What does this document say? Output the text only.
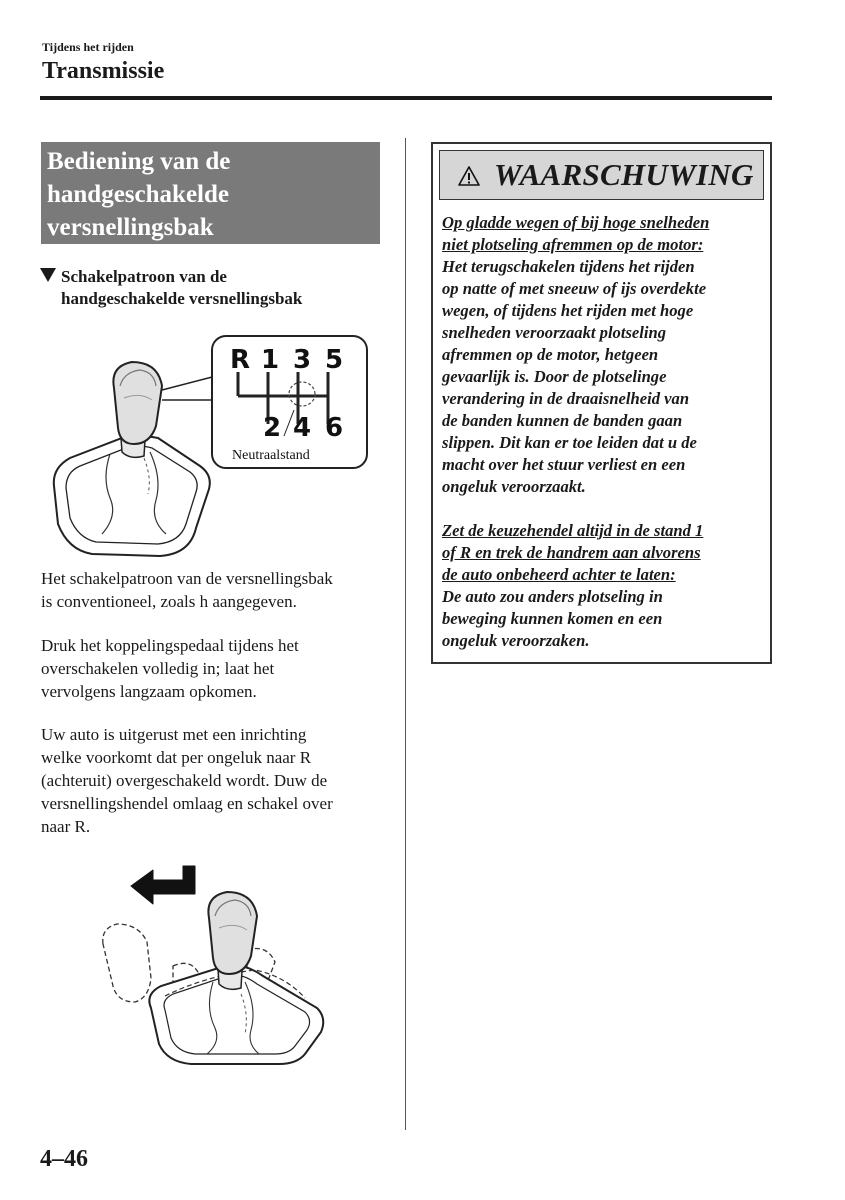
Tijdens het rijden
Transmissie
Bediening van de
handgeschakelde
versnellingsbak
Schakelpatroon van de
handgeschakelde versnellingsbak
R 1 3 5
2 4 6
Neutraalstand
Het schakelpatroon van de versnellingsbak
is conventioneel, zoals h aangegeven.
Druk het koppelingspedaal tijdens het
overschakelen volledig in; laat het
vervolgens langzaam opkomen.
Uw auto is uitgerust met een inrichting
welke voorkomt dat per ongeluk naar R
(achteruit) overgeschakeld wordt. Duw de
versnellingshendel omlaag en schakel over
naar R.
WAARSCHUWING
Op gladde wegen of bij hoge snelheden
niet plotseling afremmen op de motor:
Het terugschakelen tijdens het rijden
op natte of met sneeuw of ijs overdekte
wegen, of tijdens het rijden met hoge
snelheden veroorzaakt plotseling
afremmen op de motor, hetgeen
gevaarlijk is. Door de plotselinge
verandering in de draaisnelheid van
de banden kunnen de banden gaan
slippen. Dit kan er toe leiden dat u de
macht over het stuur verliest en een
ongeluk veroorzaakt.
Zet de keuzehendel altijd in de stand 1
of R en trek de handrem aan alvorens
de auto onbeheerd achter te laten:
De auto zou anders plotseling in
beweging kunnen komen en een
ongeluk veroorzaken.
4–46
